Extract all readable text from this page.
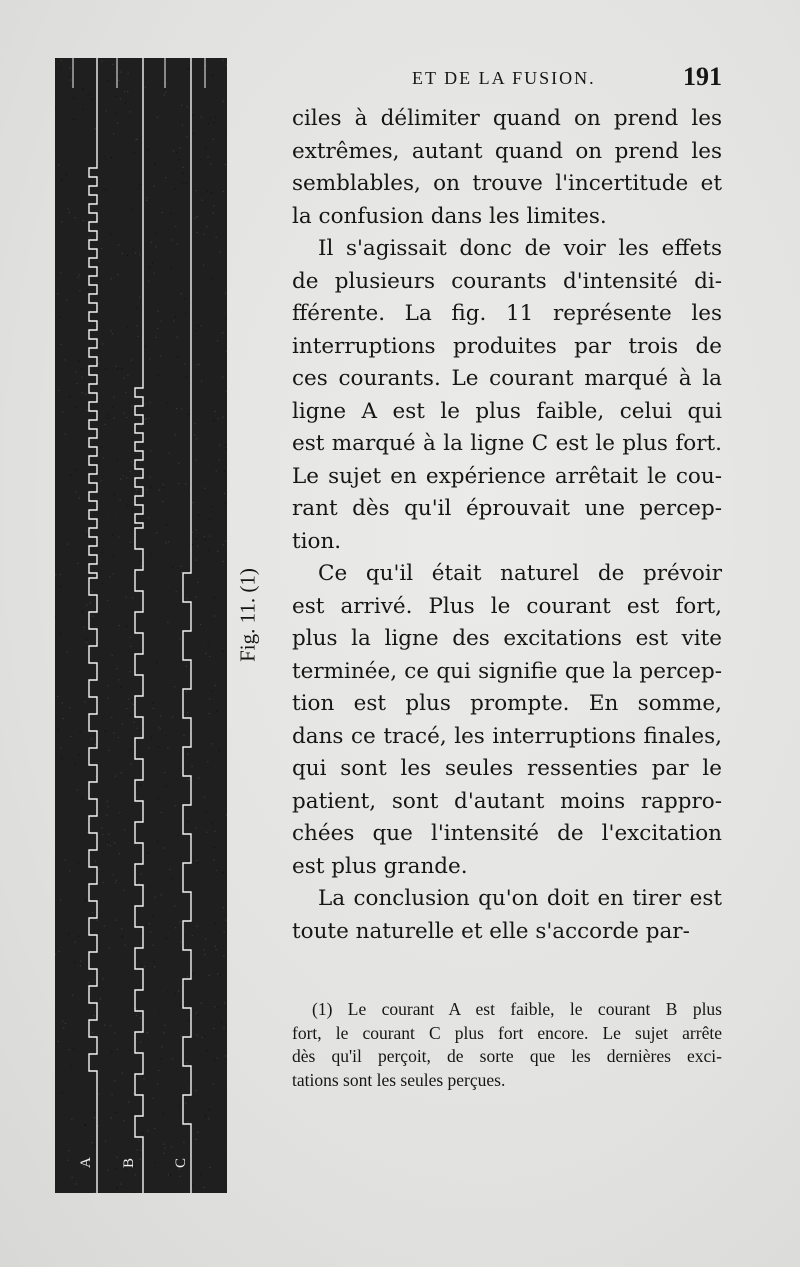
A B C
Fig. 11. (1)
ET DE LA FUSION.	191
ciles à délimiter quand on prend les
extrêmes, autant quand on prend les
semblables, on trouve l'incertitude et
la confusion dans les limites.
Il s'agissait donc de voir les effets
de plusieurs courants d'intensité di-
fférente. La fig. 11 représente les
interruptions produites par trois de
ces courants. Le courant marqué à la
ligne A est le plus faible, celui qui
est marqué à la ligne C est le plus fort.
Le sujet en expérience arrêtait le cou-
rant dès qu'il éprouvait une percep-
tion.
Ce qu'il était naturel de prévoir
est arrivé. Plus le courant est fort,
plus la ligne des excitations est vite
terminée, ce qui signifie que la percep-
tion est plus prompte. En somme,
dans ce tracé, les interruptions finales,
qui sont les seules ressenties par le
patient, sont d'autant moins rappro-
chées que l'intensité de l'excitation
est plus grande.
La conclusion qu'on doit en tirer est
toute naturelle et elle s'accorde par-
(1) Le courant A est faible, le courant B plus
fort, le courant C plus fort encore. Le sujet arrête
dès qu'il perçoit, de sorte que les dernières exci-
tations sont les seules perçues.
